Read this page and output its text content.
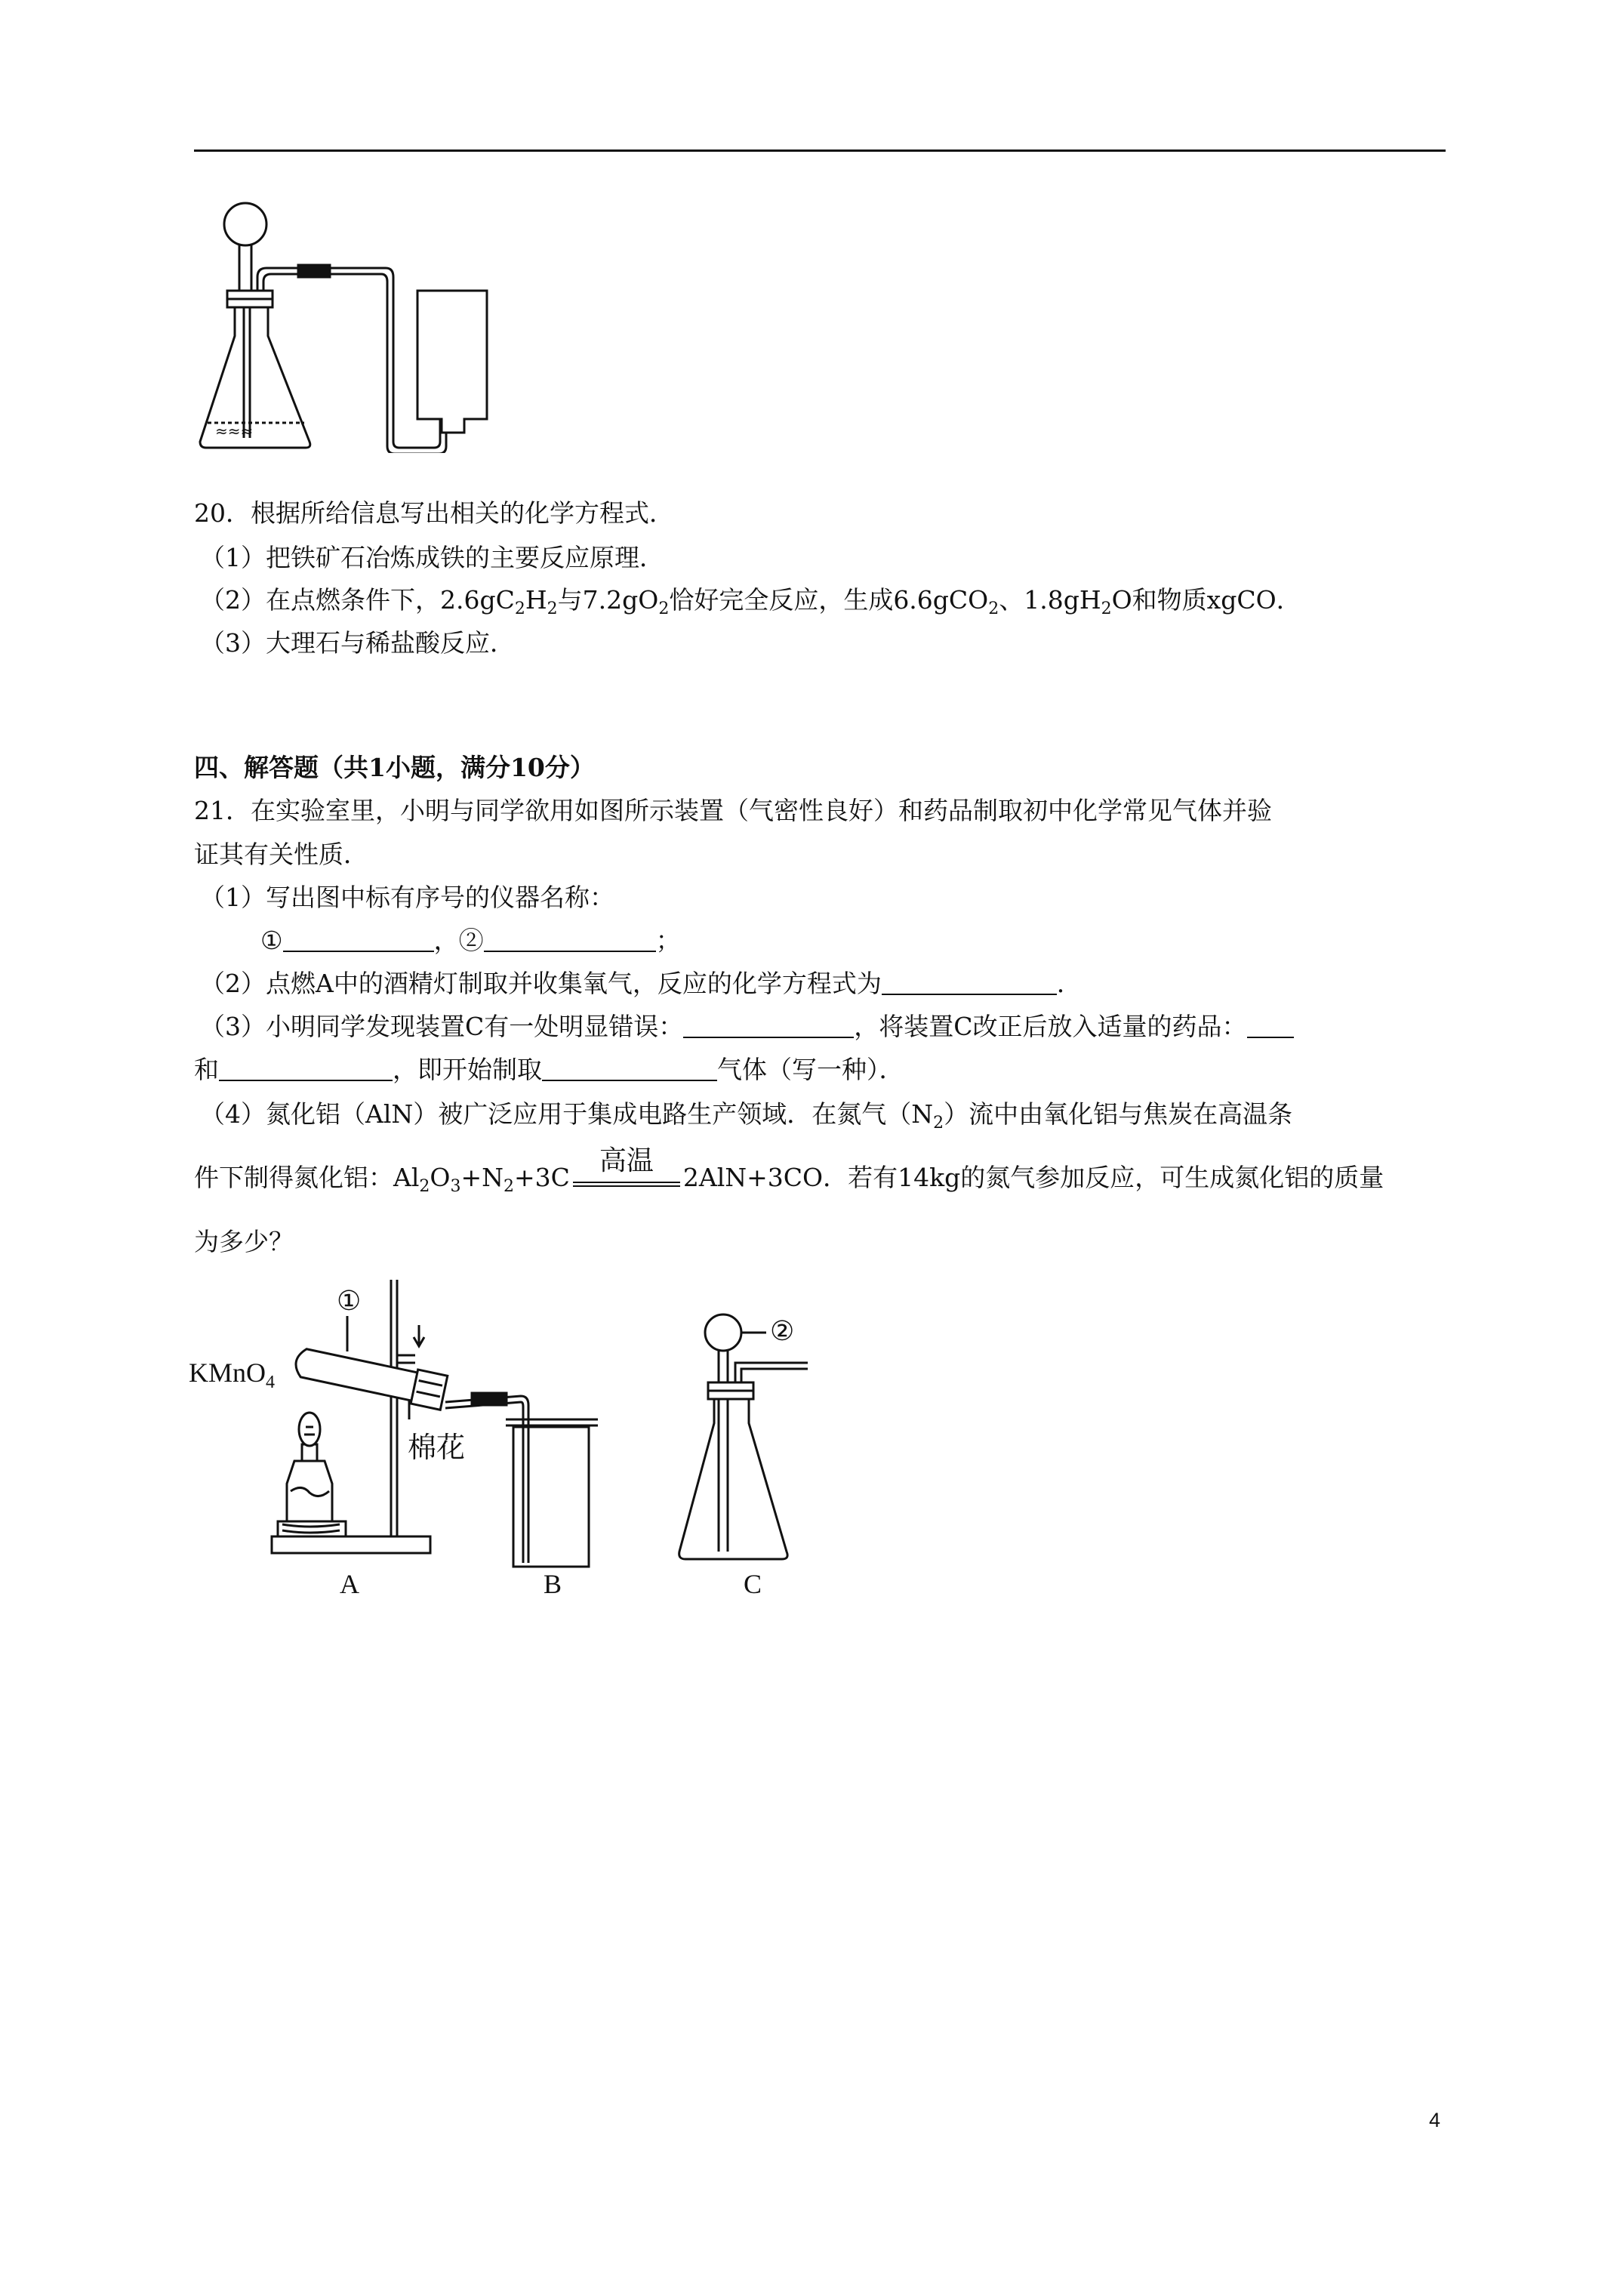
≈≈≈
20．根据所给信息写出相关的化学方程式．
（1）把铁矿石冶炼成铁的主要反应原理．
（2）在点燃条件下，$2.6gC_2H_2$与$7.2gO_2$恰好完全反应，生成6.6gCO$_2$、$1.8gH_2O$和物质xgCO．
（3）大理石与稀盐酸反应．
四、解答题（共1小题，满分10分）
21．在实验室里，小明与同学欲用如图所示装置（气密性良好）和药品制取初中化学常见气体并验
证其有关性质．
（1）写出图中标有序号的仪器名称：
①	，②	；
（2）点燃A中的酒精灯制取并收集氧气，反应的化学方程式为	．
（3）小明同学发现装置C有一处明显错误：	，将装置C改正后放入适量的药品：
和	，即开始制取	气体（写一种）．
（4）氮化铝（AlN）被广泛应用于集成电路生产领域．在氮气$(N_2)$流中由氧化铝与焦炭在高温条
件下制得氮化铝：$Al_2O_3+N_2+3C$
高温
2AlN+3CO．若有14kg的氮气参加反应，可生成氮化铝的质量
为多少？
KMnO$_4$
①
棉花
②
A	B	C
4
